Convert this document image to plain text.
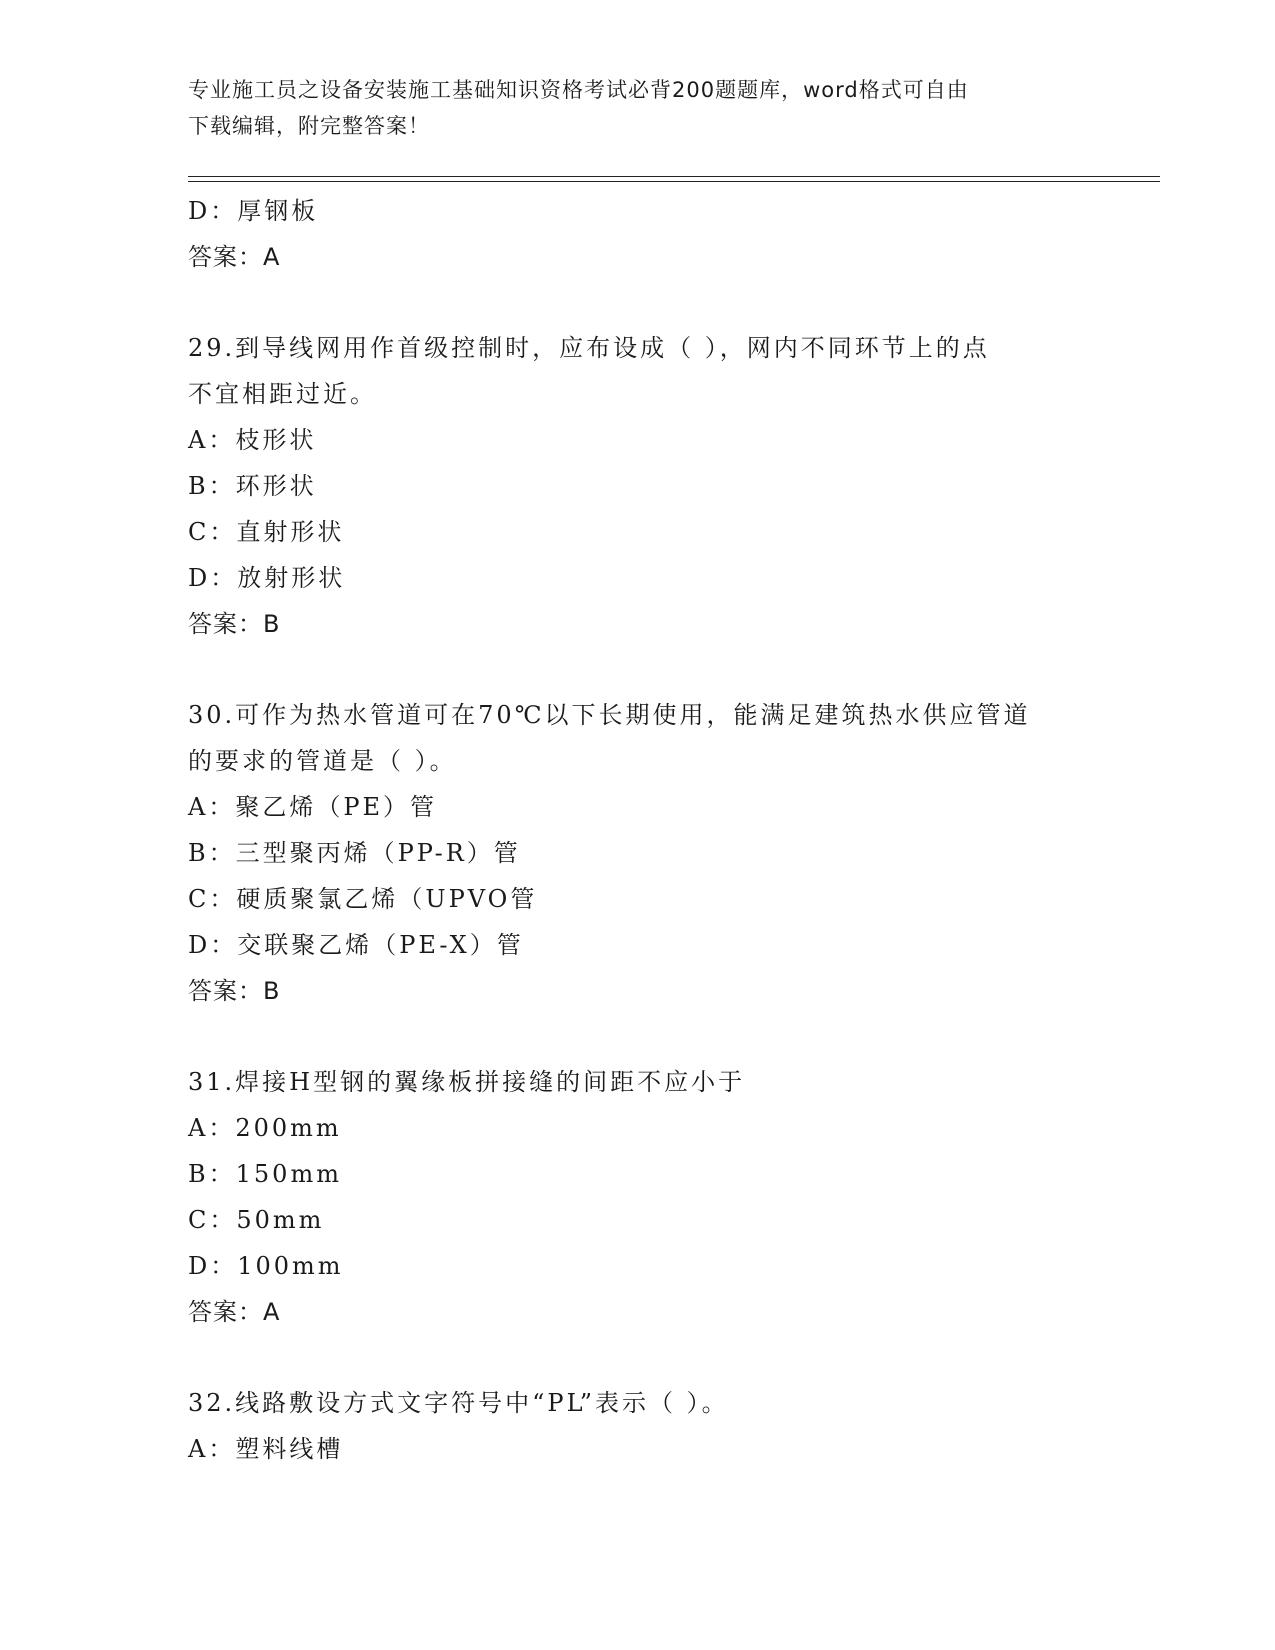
专业施工员之设备安装施工基础知识资格考试必背200题题库，word格式可自由
下载编辑，附完整答案！
D：厚钢板
答案：A
29.到导线网用作首级控制时，应布设成（ ），网内不同环节上的点
不宜相距过近。
A：枝形状
B：环形状
C：直射形状
D：放射形状
答案：B
30.可作为热水管道可在70℃以下长期使用，能满足建筑热水供应管道
的要求的管道是（ ）。
A：聚乙烯（PE）管
B：三型聚丙烯（PP-R）管
C：硬质聚氯乙烯（UPVO管
D：交联聚乙烯（PE-X）管
答案：B
31.焊接H型钢的翼缘板拼接缝的间距不应小于
A：200mm
B：150mm
C：50mm
D：100mm
答案：A
32.线路敷设方式文字符号中“PL”表示（ ）。
A：塑料线槽
